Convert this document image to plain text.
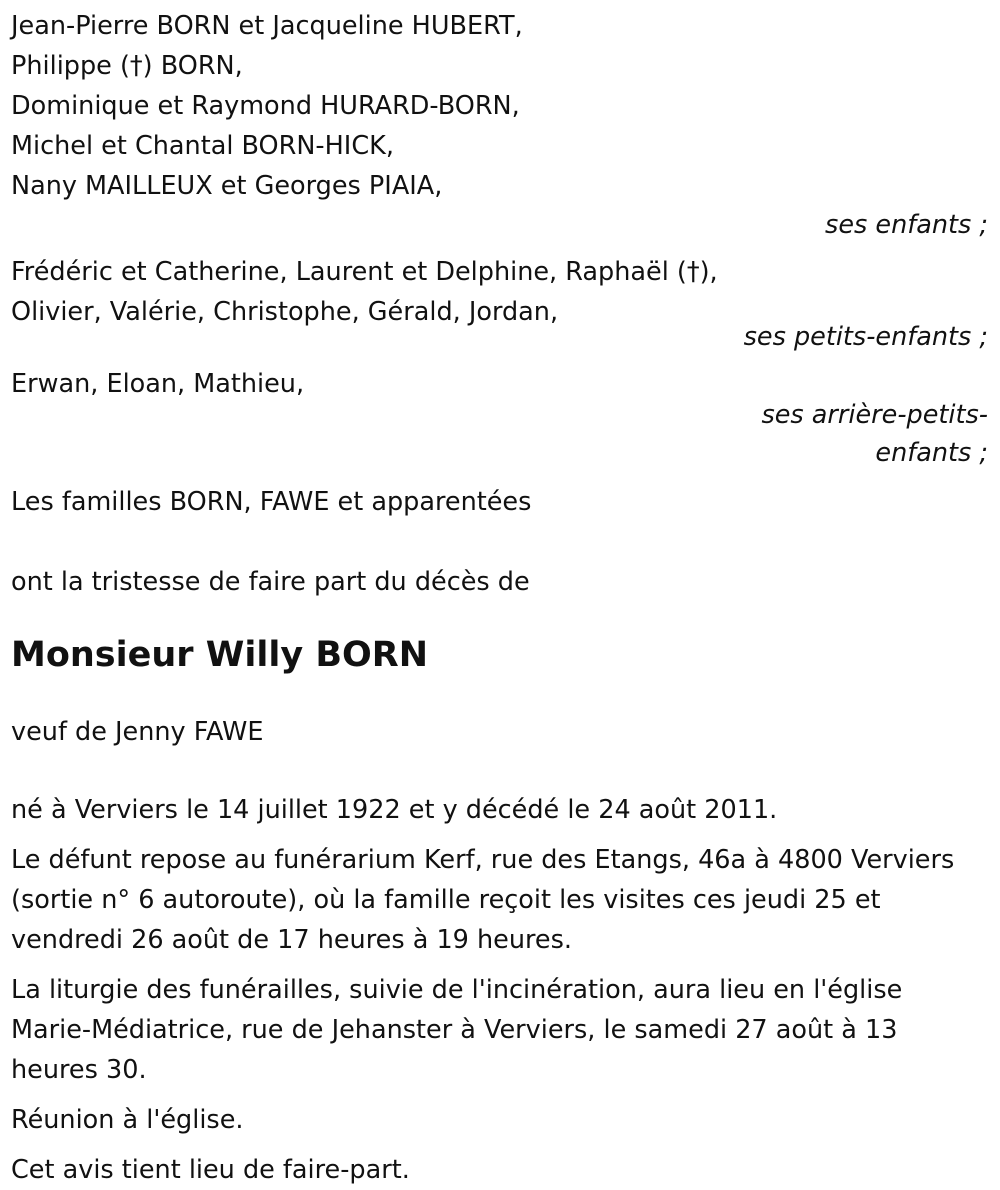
Jean-Pierre BORN et Jacqueline HUBERT,
Philippe (†) BORN,
Dominique et Raymond HURARD-BORN,
Michel et Chantal BORN-HICK,
Nany MAILLEUX et Georges PIAIA,
ses enfants ;
Frédéric et Catherine, Laurent et Delphine, Raphaël (†),
Olivier, Valérie, Christophe, Gérald, Jordan,
ses petits-enfants ;
Erwan, Eloan, Mathieu,
ses arrière-petits-
enfants ;
Les familles BORN, FAWE et apparentées
ont la tristesse de faire part du décès de
Monsieur Willy BORN
veuf de Jenny FAWE
né à Verviers le 14 juillet 1922 et y décédé le 24 août 2011.
Le défunt repose au funérarium Kerf, rue des Etangs, 46a à 4800 Verviers (sortie n° 6 autoroute), où la famille reçoit les visites ces jeudi 25 et vendredi 26 août de 17 heures à 19 heures.
La liturgie des funérailles, suivie de l'incinération, aura lieu en l'église Marie-Médiatrice, rue de Jehanster à Verviers, le samedi 27 août à 13 heures 30.
Réunion à l'église.
Cet avis tient lieu de faire-part.
